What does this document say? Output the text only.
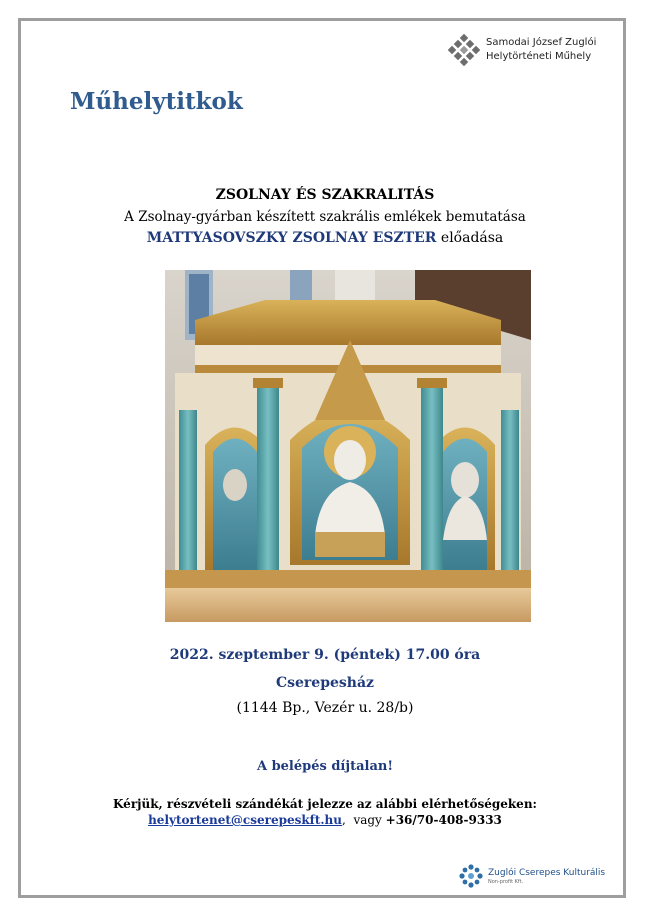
Samodai József Zuglói
Helytörténeti Műhely
Műhelytitkok
ZSOLNAY ÉS SZAKRALITÁS
A Zsolnay-gyárban készített szakrális emlékek bemutatása
MATTYASOVSZKY ZSOLNAY ESZTER előadása
2022. szeptember 9. (péntek) 17.00 óra
Cserepesház
(1144 Bp., Vezér u. 28/b)
A belépés díjtalan!
Kérjük, részvételi szándékát jelezze az alábbi elérhetőségeken:
helytortenet@cserepeskft.hu,  vagy +36/70-408-9333
Zuglói Cserepes Kulturális
Non-profit Kft.
